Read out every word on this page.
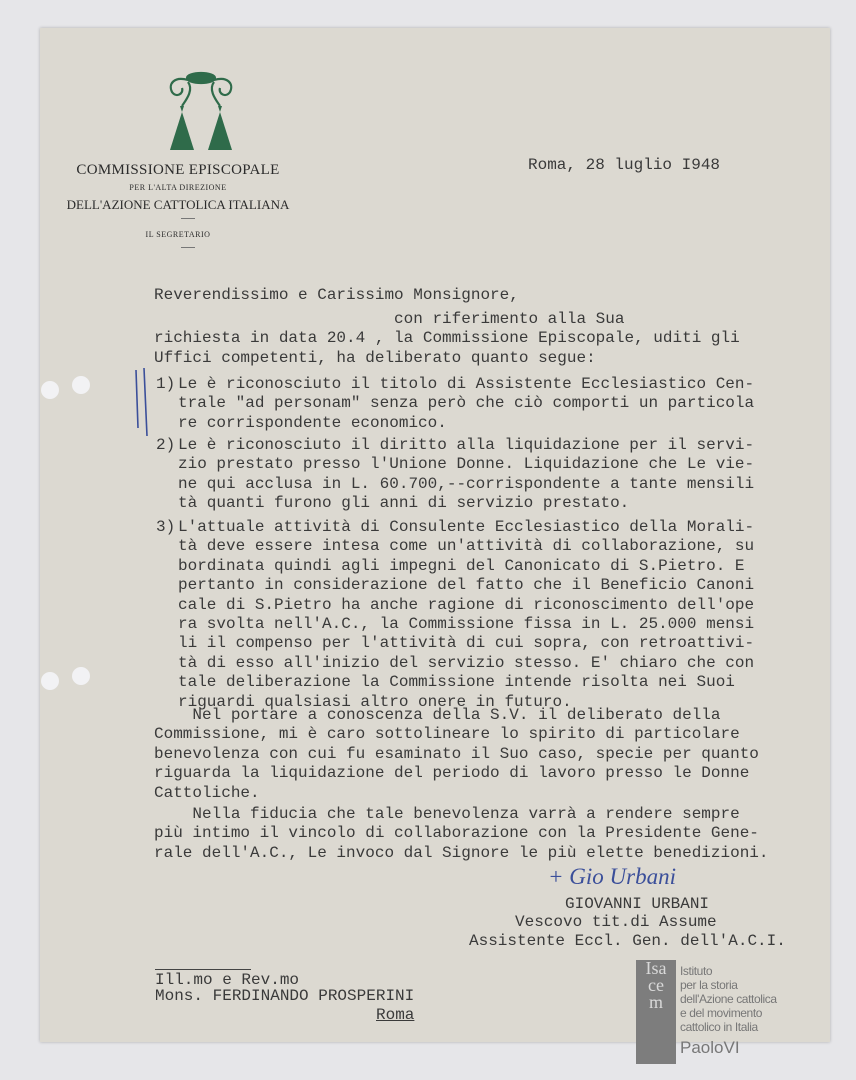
COMMISSIONE EPISCOPALE
PER L'ALTA DIREZIONE
DELL'AZIONE CATTOLICA ITALIANA
IL SEGRETARIO
Roma, 28 luglio I948
Reverendissimo e Carissimo Monsignore,
con riferimento alla Sua
richiesta in data 20.4 , la Commissione Episcopale, uditi gli
Uffici competenti, ha deliberato quanto segue:
1) Le è riconosciuto il titolo di Assistente Ecclesiastico Cen-
trale "ad personam" senza però che ciò comporti un particola
re corrispondente economico.
2) Le è riconosciuto il diritto alla liquidazione per il servi-
zio prestato presso l'Unione Donne. Liquidazione che Le vie-
ne qui acclusa in L. 60.700,--corrispondente a tante mensili
tà quanti furono gli anni di servizio prestato.
3) L'attuale attività di Consulente Ecclesiastico della Morali-
tà deve essere intesa come un'attività di collaborazione, su
bordinata quindi agli impegni del Canonicato di S.Pietro. E
pertanto in considerazione del fatto che il Beneficio Canoni
cale di S.Pietro ha anche ragione di riconoscimento dell'ope
ra svolta nell'A.C., la Commissione fissa in L. 25.000 mensi
li il compenso per l'attività di cui sopra, con retroattivi-
tà di esso all'inizio del servizio stesso. E' chiaro che con
tale deliberazione la Commissione intende risolta nei Suoi
riguardi qualsiasi altro onere in futuro.
Nel portare a conoscenza della S.V. il deliberato della
Commissione, mi è caro sottolineare lo spirito di particolare
benevolenza con cui fu esaminato il Suo caso, specie per quanto
riguarda la liquidazione del periodo di lavoro presso le Donne
Cattoliche.
Nella fiducia che tale benevolenza varrà a rendere sempre
più intimo il vincolo di collaborazione con la Presidente Gene-
rale dell'A.C., Le invoco dal Signore le più elette benedizioni.
+ Gio Urbani
GIOVANNI URBANI
Vescovo tit.di Assume
Assistente Eccl. Gen. dell'A.C.I.
Ill.mo e Rev.mo
Mons. FERDINANDO PROSPERINI
Roma
Isacem
Istituto
per la storia
dell'Azione cattolica
e del movimento
cattolico in Italia
PaoloVI
